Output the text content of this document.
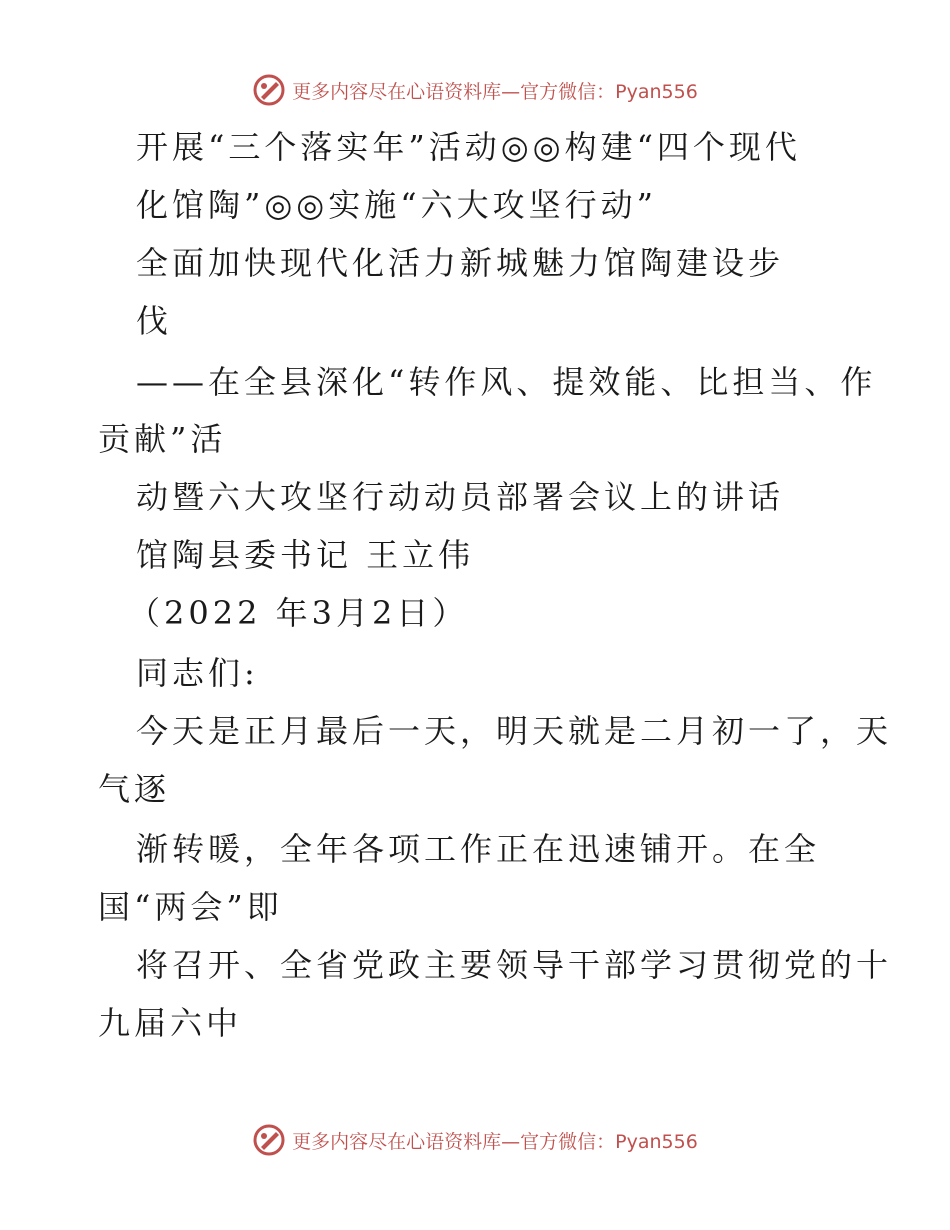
更多内容尽在心语资料库—官方微信：Pyan556
开展“三个落实年”活动◎◎构建“四个现代
化馆陶”◎◎实施“六大攻坚行动”
全面加快现代化活力新城魅力馆陶建设步
伐
——在全县深化“转作风、提效能、比担当、作
贡献”活
动暨六大攻坚行动动员部署会议上的讲话
馆陶县委书记 王立伟
（2022 年3月2日）
同志们:
今天是正月最后一天，明天就是二月初一了，天
气逐
渐转暖，全年各项工作正在迅速铺开。在全
国“两会”即
将召开、全省党政主要领导干部学习贯彻党的十
九届六中
更多内容尽在心语资料库—官方微信：Pyan556
